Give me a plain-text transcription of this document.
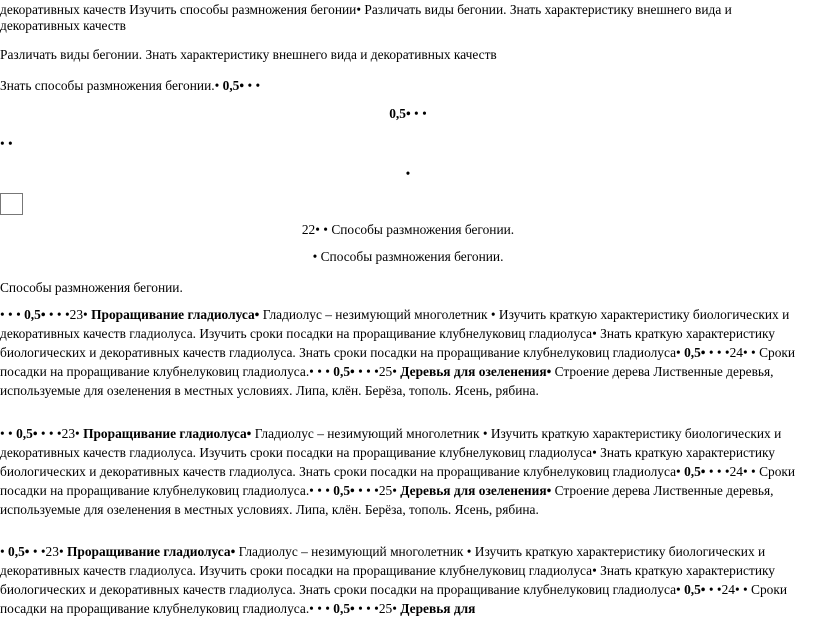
декоративных качеств Изучить способы размножения бегонии• Различать виды бегонии. Знать характеристику внешнего вида и
декоративных качеств
Различать виды бегонии. Знать характеристику внешнего вида и декоративных качеств
Знать способы размножения бегонии.• 0,5• • •
0,5• • •
• •
•
22• • Способы размножения бегонии.
• Способы размножения бегонии.
Способы размножения бегонии.
• • • 0,5• • • •23• Проращивание гладиолуса• Гладиолус – незимующий многолетник • Изучить краткую характеристику биологических и декоративных качеств гладиолуса. Изучить сроки посадки на проращивание клубнелуковиц гладиолуса• Знать краткую характеристику биологических и декоративных качеств гладиолуса. Знать сроки посадки на проращивание клубнелуковиц гладиолуса• 0,5• • • •24• • Сроки посадки на проращивание клубнелуковиц гладиолуса.• • • 0,5• • • •25• Деревья для озеленения• Строение дерева Лиственные деревья, используемые для озеленения в местных условиях. Липа, клён. Берёза, тополь. Ясень, рябина.
• • 0,5• • • •23• Проращивание гладиолуса• Гладиолус – незимующий многолетник • Изучить краткую характеристику биологических и декоративных качеств гладиолуса. Изучить сроки посадки на проращивание клубнелуковиц гладиолуса• Знать краткую характеристику биологических и декоративных качеств гладиолуса. Знать сроки посадки на проращивание клубнелуковиц гладиолуса• 0,5• • • •24• • Сроки посадки на проращивание клубнелуковиц гладиолуса.• • • 0,5• • • •25• Деревья для озеленения• Строение дерева Лиственные деревья, используемые для озеленения в местных условиях. Липа, клён. Берёза, тополь. Ясень, рябина.
• 0,5• • •23• Проращивание гладиолуса• Гладиолус – незимующий многолетник • Изучить краткую характеристику биологических и декоративных качеств гладиолуса. Изучить сроки посадки на проращивание клубнелуковиц гладиолуса• Знать краткую характеристику биологических и декоративных качеств гладиолуса. Знать сроки посадки на проращивание клубнелуковиц гладиолуса• 0,5• • •24• • Сроки посадки на проращивание клубнелуковиц гладиолуса.• • • 0,5• • • •25• Деревья для
